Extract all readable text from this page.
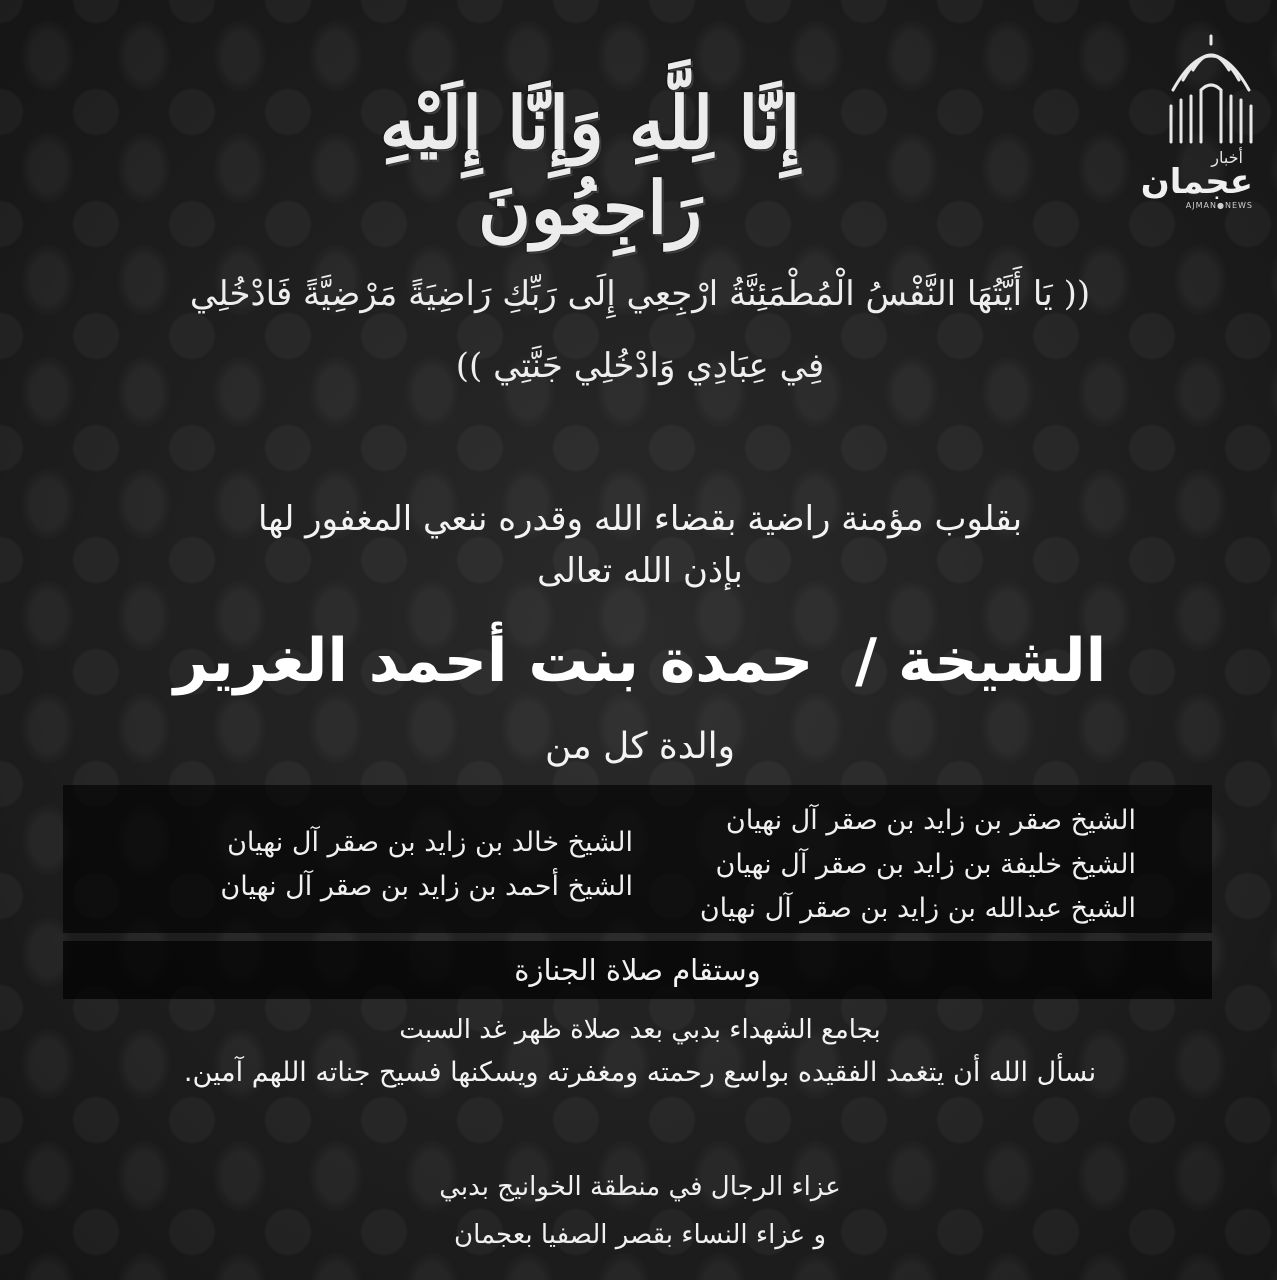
أخبار
عجمان
AJMAN●NEWS
إِنَّا لِلَّهِ وَإِنَّا إِلَيْهِ رَاجِعُونَ
(( يَا أَيَّتُهَا النَّفْسُ الْمُطْمَئِنَّةُ ارْجِعِي إِلَى رَبِّكِ رَاضِيَةً مَرْضِيَّةً فَادْخُلِي
فِي عِبَادِي وَادْخُلِي جَنَّتِي ))
بقلوب مؤمنة راضية بقضاء الله وقدره ننعي المغفور لها
بإذن الله تعالى
الشيخة /  حمدة بنت أحمد الغرير
والدة كل من
الشيخ صقر بن زايد بن صقر آل نهيان
الشيخ خليفة بن زايد بن صقر آل نهيان
الشيخ عبدالله بن زايد بن صقر آل نهيان
الشيخ خالد بن زايد بن صقر آل نهيان
الشيخ أحمد بن زايد بن صقر آل نهيان
وستقام صلاة الجنازة
بجامع الشهداء بدبي بعد صلاة ظهر غد السبت
نسأل الله أن يتغمد الفقيده بواسع رحمته ومغفرته ويسكنها فسيح جناته اللهم آمين.
عزاء الرجال في منطقة الخوانيج بدبي
و عزاء النساء بقصر الصفيا بعجمان
